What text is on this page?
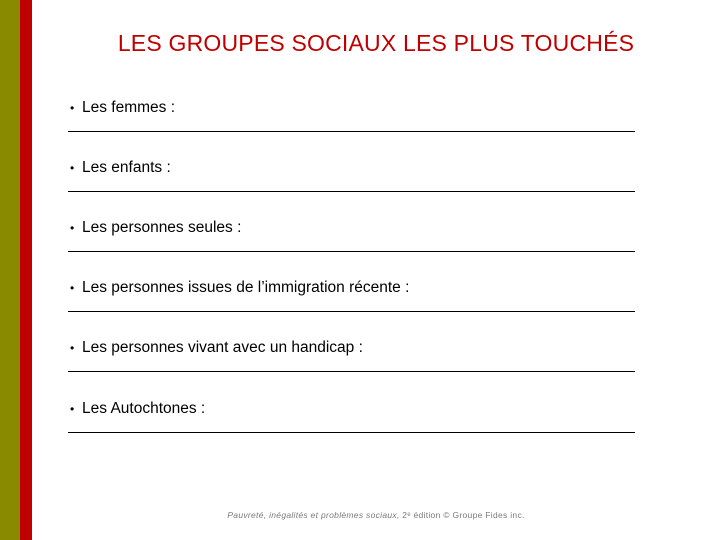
LES GROUPES SOCIAUX LES PLUS TOUCHÉS
• Les femmes :
• Les enfants :
• Les personnes seules :
• Les personnes issues de l’immigration récente :
• Les personnes vivant avec un handicap :
• Les Autochtones :
Pauvreté, inégalités et problèmes sociaux, 2ᵉ édition © Groupe Fides inc.
